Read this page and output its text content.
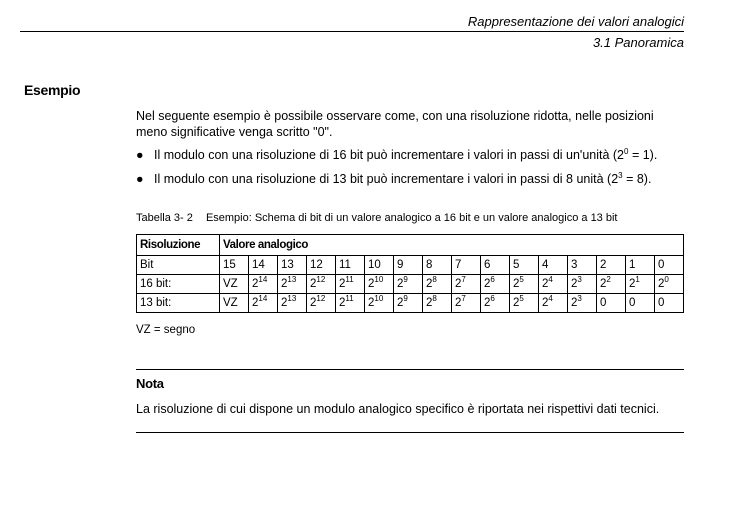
Rappresentazione dei valori analogici
3.1 Panoramica
Esempio
Nel seguente esempio è possibile osservare come, con una risoluzione ridotta, nelle posizioni meno significative venga scritto "0".
● Il modulo con una risoluzione di 16 bit può incrementare i valori in passi di un'unità $(2^0 = 1)$.
● Il modulo con una risoluzione di 13 bit può incrementare i valori in passi di 8 unità $(2^3 = 8)$.
Tabella 3- 2 Esempio: Schema di bit di un valore analogico a 16 bit e un valore analogico a 13 bit
Risoluzione	Valore analogico															
Bit	15	14	13	12	11	10	9	8	7	6	5	4	3	2	1	0
16 bit:	VZ	$2^{14}$	$2^{13}$	$2^{12}$	$2^{11}$	$2^{10}$	$2^9$	$2^8$	$2^7$	$2^6$	$2^5$	$2^4$	$2^3$	$2^2$	$2^1$	$2^0$
13 bit:	VZ	$2^{14}$	$2^{13}$	$2^{12}$	$2^{11}$	$2^{10}$	$2^9$	$2^8$	$2^7$	$2^6$	$2^5$	$2^4$	$2^3$	0	0	0
VZ = segno
Nota
La risoluzione di cui dispone un modulo analogico specifico è riportata nei rispettivi dati tecnici.
